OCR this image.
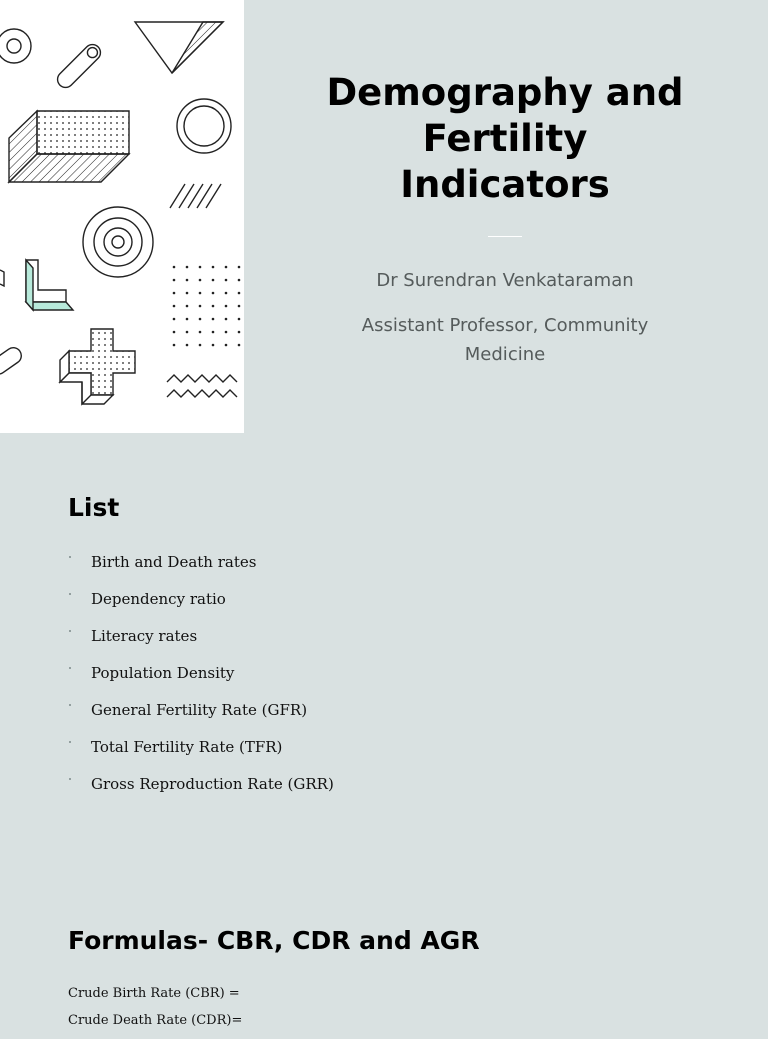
Demography and
Fertility
Indicators
Dr Surendran Venkataraman
Assistant Professor, Community
Medicine
List
Birth and Death rates
Dependency ratio
Literacy rates
Population Density
General Fertility Rate (GFR)
Total Fertility Rate (TFR)
Gross Reproduction Rate (GRR)
Formulas- CBR, CDR and AGR
Crude Birth Rate (CBR) =
Crude Death Rate (CDR)=
